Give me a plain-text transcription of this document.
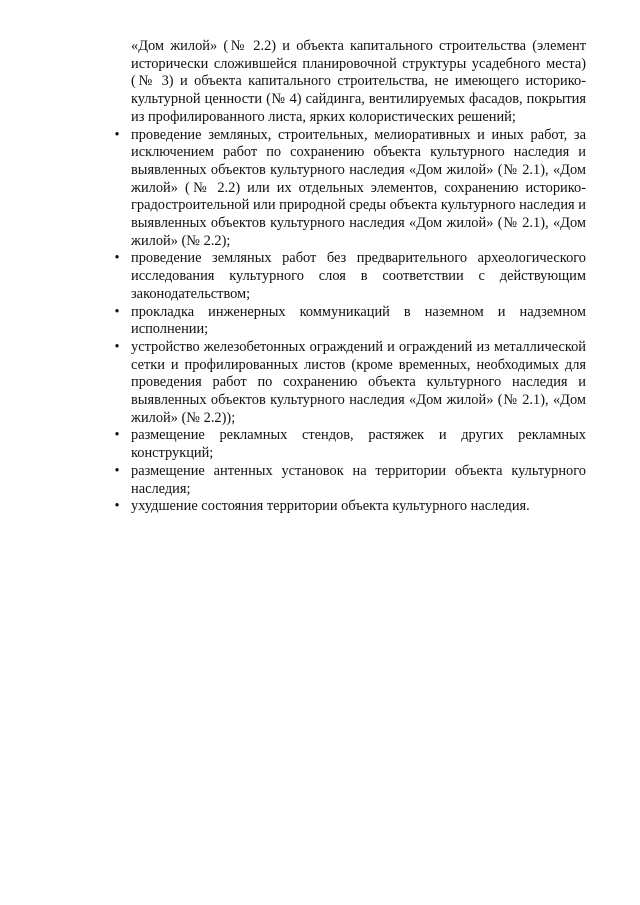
«Дом жилой» (№ 2.2) и объекта капитального строительства (элемент исторически сложившейся планировочной структуры усадебного места) (№ 3) и объекта капитального строительства, не имеющего историко-культурной ценности (№ 4) сайдинга, вентилируемых фасадов, покрытия из профилированного листа, ярких колористических решений;

• проведение земляных, строительных, мелиоративных и иных работ, за исключением работ по сохранению объекта культурного наследия и выявленных объектов культурного наследия «Дом жилой» (№ 2.1), «Дом жилой» (№ 2.2) или их отдельных элементов, сохранению историко-градостроительной или природной среды объекта культурного наследия и выявленных объектов культурного наследия «Дом жилой» (№ 2.1), «Дом жилой» (№ 2.2);
• проведение земляных работ без предварительного археологического исследования культурного слоя в соответствии с действующим законодательством;
• прокладка инженерных коммуникаций в наземном и надземном исполнении;
• устройство железобетонных ограждений и ограждений из металлической сетки и профилированных листов (кроме временных, необходимых для проведения работ по сохранению объекта культурного наследия и выявленных объектов культурного наследия «Дом жилой» (№ 2.1), «Дом жилой» (№ 2.2));
• размещение рекламных стендов, растяжек и других рекламных конструкций;
• размещение антенных установок на территории объекта культурного наследия;
• ухудшение состояния территории объекта культурного наследия.
